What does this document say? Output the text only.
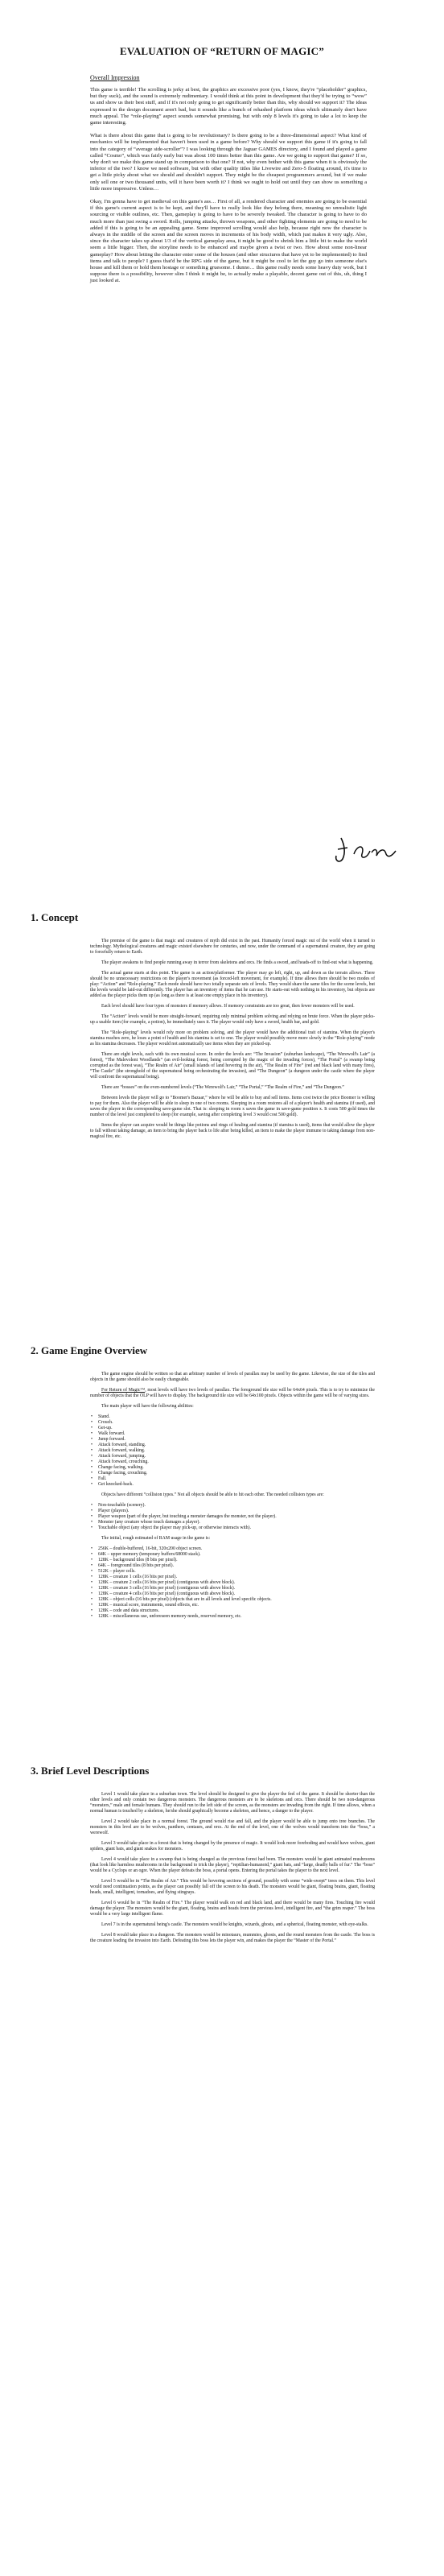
EVALUATION OF “RETURN OF MAGIC”
Overall Impression

This game is terrible! The scrolling is jerky at best, the graphics are excessive poor (yes, I know, they're “placeholder” graphics, but they suck), and the sound is extremely rudimentary. I would think at this point in development that they'd be trying to “wow” us and show us their best stuff, and if it's not only going to get significantly better than this, why should we support it? The ideas expressed in the design document aren't bad, but it sounds like a bunch of rehashed platform ideas which ultimately don't have much appeal. The “role-playing” aspect sounds somewhat promising, but with only 8 levels it's going to take a lot to keep the game interesting.

What is there about this game that is going to be revolutionary? Is there going to be a three-dimensional aspect? What kind of mechanics will be implemented that haven't been used in a game before? Why should we support this game if it's going to fall into the category of “average side-scroller”? I was looking through the Jaguar GAMES directory, and I found and played a game called “Cosmo”, which was fairly early but was about 100 times better than this game. Are we going to support that game? If so, why don't we make this game stand up in comparison to that one? If not, why even bother with this game when it is obviously the inferior of the two? I know we need software, but with other quality titles like Livewire and Zero-5 floating around, it's time to get a little picky about what we should and shouldn't support. They might be the cheapest programmers around, but if we make only sell one or two thousand units, will it have been worth it? I think we ought to hold out until they can show us something a little more impressive. Unless…

Okay, I'm gonna have to get medieval on this game's ass… First of all, a rendered character and enemies are going to be essential if this game's current aspect is to be kept, and they'll have to really look like they belong there, meaning no unrealistic light sourcing or visible outlines, etc. Then, gameplay is going to have to be severely tweaked. The character is going to have to do much more than just swing a sword. Rolls, jumping attacks, thrown weapons, and other fighting elements are going to need to be added if this is going to be an appealing game. Some improved scrolling would also help, because right now the character is always in the middle of the screen and the screen moves in increments of his body width, which just makes it very ugly. Also, since the character takes up about 1/3 of the vertical gameplay area, it might be good to shrink him a little bit to make the world seem a little bigger. Then, the storyline needs to be enhanced and maybe given a twist or two. How about some non-linear gameplay? How about letting the character enter some of the houses (and other structures that have yet to be implemented) to find items and talk to people? I guess that'd be the RPG side of the game, but it might be cool to let the guy go into someone else's house and kill them or hold them hostage or something gruesome. I dunno… this game really needs some heavy duty work, but I suppose there is a possibility, however slim I think it might be, to actually make a playable, decent game out of this, uh, thing I just looked at.

1. Concept

The premise of the game is that magic and creatures of myth did exist in the past. Humanity forced magic out of the world when it turned to technology. Mythological creatures and magic existed elsewhere for centuries, and now, under the command of a supernatural creature, they are going to forcefully return to Earth.

The player awakens to find people running away in terror from skeletons and orcs. He finds a sword, and heads-off to find-out what is happening.

The actual game starts at this point. The game is an action/platformer. The player may go left, right, up, and down as the terrain allows. There should be no unnecessary restrictions on the player's movement (as forced-left movement, for example). If time allows there should be two modes of play: “Action” and “Role-playing.” Each mode should have two totally separate sets of levels. They would share the same tiles for the scene levels, but the levels would be laid-out differently. The player has an inventory of items that he can use. He starts-out with nothing in his inventory, but objects are added as the player picks them up (as long as there is at least one empty place in his inventory).

Each level should have four types of monsters if memory allows. If memory constraints are too great, then fewer monsters will be used.

The “Action” levels would be more straight-forward, requiring only minimal problem solving and relying on brute force. When the player picks-up a usable item (for example, a potion), he immediately uses it. The player would only have a sword, health bar, and gold.

The “Role-playing” levels would rely more on problem solving, and the player would have the additional trait of stamina. When the player's stamina reaches zero, he loses a point of health and his stamina is set to one. The player would possibly move more slowly in the “Role-playing” mode as his stamina decreases. The player would not automatically use items when they are picked-up.

There are eight levels, each with its own musical score. In order the levels are: “The Invasion” (suburban landscape), “The Werewolf's Lair” (a forest), “The Malevolent Woodlands” (an evil-looking forest, being corrupted by the magic of the invading forces), “The Portal” (a swamp being corrupted as the forest was), “The Realm of Air” (small islands of land hovering in the air), “The Realm of Fire” (red and black land with many fires), “The Castle” (the stronghold of the supernatural being orchestrating the invasion), and “The Dungeon” (a dungeon under the castle where the player will confront the supernatural being).

There are “bosses” on the even-numbered levels (“The Werewolf's Lair,” “The Portal,” “The Realm of Fire,” and “The Dungeon.”

Between levels the player will go to “Boomer's Bazaar,” where he will be able to buy and sell items. Items cost twice the price Boomer is willing to pay for them. Also the player will be able to sleep in one of two rooms. Sleeping in a room restores all of a player's health and stamina (if used), and saves the player in the corresponding save-game slot. That is: sleeping in room x saves the game in save-game position x. It costs 500 gold times the number of the level just completed to sleep (for example, saving after completing level 3 would cost 500 gold).

Items the player can acquire would be things like potions and rings of healing and stamina (if stamina is used), items that would allow the player to fall without taking damage, an item to bring the player back to life after being killed, an item to make the player immune to taking damage from non-magical fire, etc.

2. Game Engine Overview

The game engine should be written so that an arbitrary number of levels of parallax may be used by the game. Likewise, the size of the tiles and objects in the game should also be easily changeable.

For Return of Magic™, most levels will have two levels of parallax. The foreground tile size will be 64x64 pixels. This is to try to minimize the number of objects that the OLP will have to display. The background tile size will be 64x100 pixels. Objects within the game will be of varying sizes.

The main player will have the following abilities:

• Stand.
• Crouch.
• Get-up.
• Walk forward.
• Jump forward.
• Attack forward, standing.
• Attack forward, walking.
• Attack forward, jumping.
• Attack forward, crouching.
• Change facing, walking.
• Change facing, crouching.
• Fall.
• Get knocked-back.

Objects have different “collision types.” Not all objects should be able to hit each other. The needed collision types are:

• Non-touchable (scenery).
• Player (players).
• Player weapon (part of the player, but touching a monster damages the monster, not the player).
• Monster (any creature whose touch damages a player).
• Touchable object (any object the player may pick-up, or otherwise interacts with).

The initial, rough estimated of RAM usage in the game is:

• 256K – double-buffered, 16-bit, 320x200 object screen.
• 64K – upper memory (temporary buffers/68000 stack).
• 128K – background tiles (8 bits per pixel).
• 64K – foreground tiles (8 bits per pixel).
• 512K – player cells.
• 128K – creature 1 cells (16 bits per pixel).
• 128K – creature 2 cells (16 bits per pixel) (contiguous with above block).
• 128K – creature 3 cells (16 bits per pixel) (contiguous with above block).
• 128K – creature 4 cells (16 bits per pixel) (contiguous with above block).
• 128K – object cells (16 bits per pixel) (objects that are in all levels and level specific objects.
• 128K – musical score, instruments, sound effects, etc.
• 128K – code and data structures.
• 128K – miscellaneous use, unforeseen memory needs, reserved memory, etc.
3. Brief Level Descriptions

Level 1 would take place in a suburban town. The level should be designed to give the player the feel of the game. It should be shorter than the other levels and only contain two dangerous monsters. The dangerous monsters are to be skeletons and orcs. There should be two non-dangerous “monsters,” male and female humans. They should run to the left side of the screen, as the monsters are invading from the right. If time allows, when a normal human is touched by a skeleton, he/she should graphically become a skeleton, and hence, a danger to the player.

Level 2 would take place in a normal forest. The ground would rise and fall, and the player would be able to jump onto tree branches. The monsters in this level are to be wolves, panthers, centaurs, and orcs. At the end of the level, one of the wolves would transform into the “boss,” a werewolf.

Level 3 would take place in a forest that is being changed by the presence of magic. It would look more foreboding and would have wolves, giant spiders, giant bats, and giant snakes for monsters.

Level 4 would take place in a swamp that is being changed as the previous forest had been. The monsters would be giant animated mushrooms (that look like harmless mushrooms in the background to trick the player), “reptilian-humanoid,” giant bats, and “large, deadly balls of fur.” The “boss” would be a Cyclops or an ogre. When the player defeats the boss, a portal opens. Entering the portal takes the player to the next level.

Level 5 would be in “The Realm of Air.” This would be hovering sections of ground, possibly with some “wide-swept” trees on them. This level would need continuation points, as the player can possibly fall off the screen to his death. The monsters would be giant, floating brains, giant, floating heads, small, intelligent, tornadoes, and flying stingrays.

Level 6 would be in “The Realm of Fire.” The player would walk on red and black land, and there would be many fires. Touching fire would damage the player. The monsters would be the giant, floating, brains and heads from the previous level, intelligent fire, and “the grim reaper.” The boss would be a very large intelligent flame.

Level 7 is in the supernatural being's castle. The monsters would be knights, wizards, ghosts, and a spherical, floating monster, with eye-stalks.

Level 8 would take place in a dungeon. The monsters would be minotaurs, mummies, ghosts, and the round monsters from the castle. The boss is the creature leading the invasion into Earth. Defeating this boss lets the player win, and makes the player the “Master of the Portal.”
